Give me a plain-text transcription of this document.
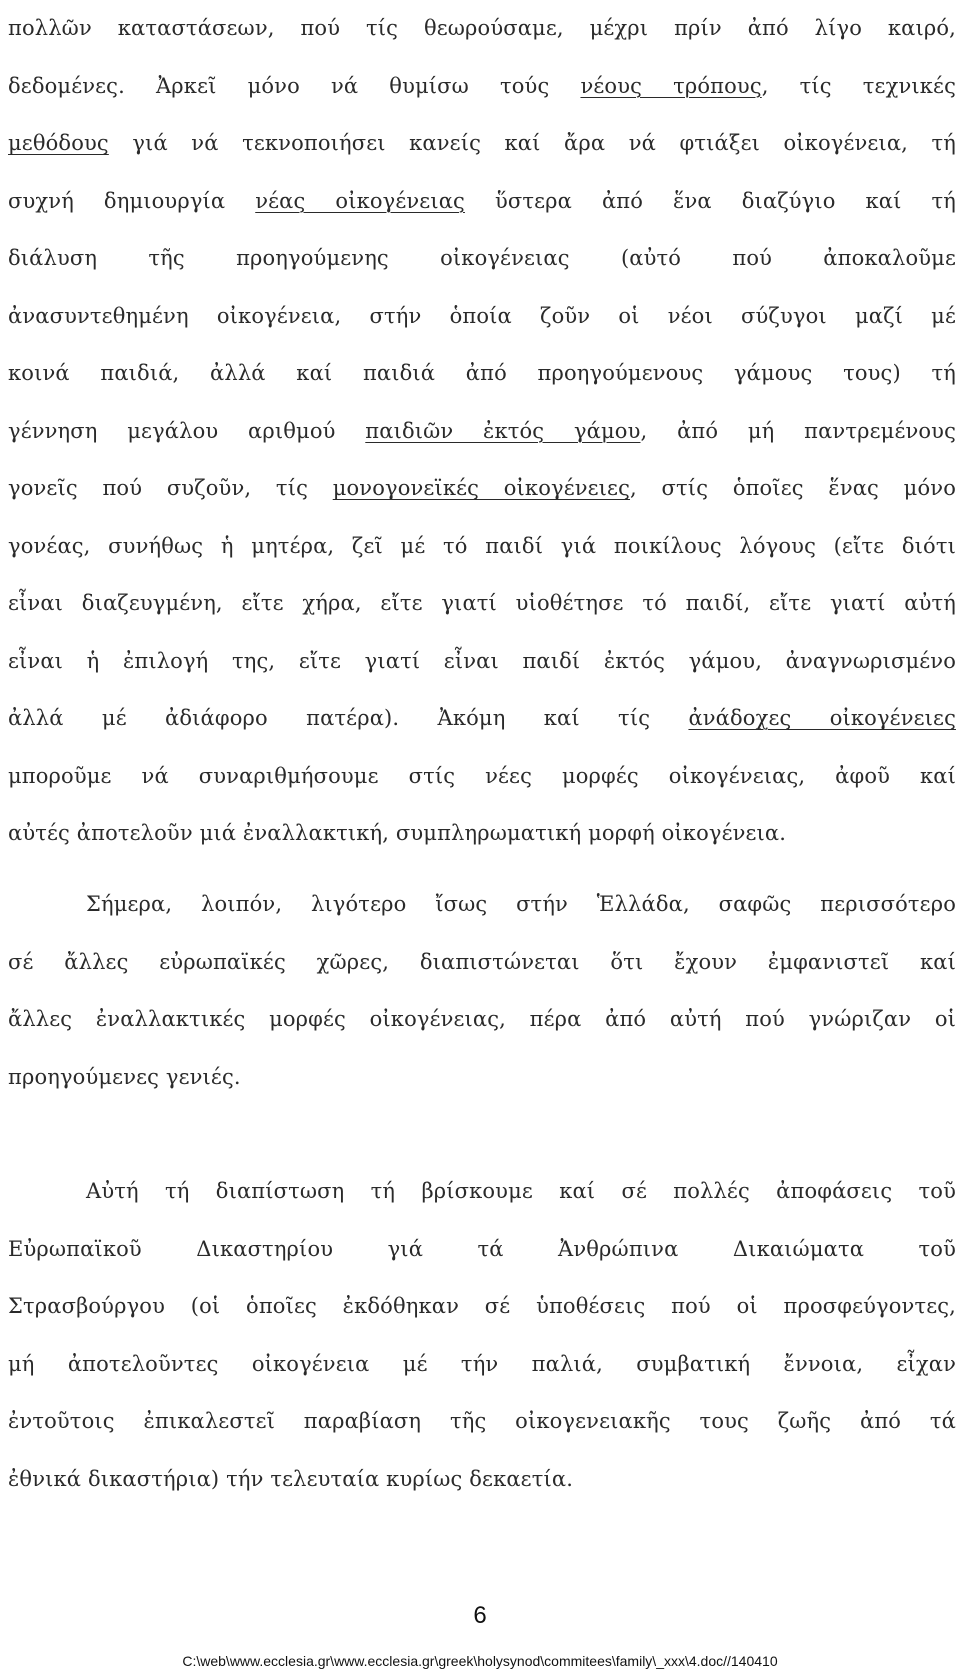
πολλῶν καταστάσεων, πού τίς θεωρούσαμε, μέχρι πρίν ἀπό λίγο καιρό,
δεδομένες. Ἀρκεῖ μόνο νά θυμίσω τούς νέους τρόπους, τίς τεχνικές
μεθόδους γιά νά τεκνοποιήσει κανείς καί ἄρα νά φτιάξει οἰκογένεια, τή
συχνή δημιουργία νέας οἰκογένειας ὕστερα ἀπό ἕνα διαζύγιο καί τή
διάλυση τῆς προηγούμενης οἰκογένειας (αὐτό πού ἀποκαλοῦμε
ἀνασυντεθημένη οἰκογένεια, στήν ὁποία ζοῦν οἱ νέοι σύζυγοι μαζί μέ
κοινά παιδιά, ἀλλά καί παιδιά ἀπό προηγούμενους γάμους τους) τή
γέννηση μεγάλου αριθμού παιδιῶν ἐκτός γάμου, ἀπό μή παντρεμένους
γονεῖς πού συζοῦν, τίς μονογονεϊκές οἰκογένειες, στίς ὁποῖες ἕνας μόνο
γονέας, συνήθως ἡ μητέρα, ζεῖ μέ τό παιδί γιά ποικίλους λόγους (εἴτε διότι
εἶναι διαζευγμένη, εἴτε χήρα, εἴτε γιατί υἱοθέτησε τό παιδί, εἴτε γιατί αὐτή
εἶναι ἡ ἐπιλογή της, εἴτε γιατί εἶναι παιδί ἐκτός γάμου, ἀναγνωρισμένο
ἀλλά μέ ἀδιάφορο πατέρα). Ἀκόμη καί τίς ἀνάδοχες οἰκογένειες
μποροῦμε νά συναριθμήσουμε στίς νέες μορφές οἰκογένειας, ἀφοῦ καί
αὐτές ἀποτελοῦν μιά ἐναλλακτική, συμπληρωματική μορφή οἰκογένεια.
Σήμερα, λοιπόν, λιγότερο ἴσως στήν Ἑλλάδα, σαφῶς περισσότερο
σέ ἄλλες εὐρωπαϊκές χῶρες, διαπιστώνεται ὅτι ἔχουν ἐμφανιστεῖ καί
ἄλλες ἐναλλακτικές μορφές οἰκογένειας, πέρα ἀπό αὐτή πού γνώριζαν οἱ
προηγούμενες γενιές.
Αὐτή τή διαπίστωση τή βρίσκουμε καί σέ πολλές ἀποφάσεις τοῦ
Εὐρωπαϊκοῦ Δικαστηρίου γιά τά Ἀνθρώπινα Δικαιώματα τοῦ
Στρασβούργου (οἱ ὁποῖες ἐκδόθηκαν σέ ὑποθέσεις πού οἱ προσφεύγοντες,
μή ἀποτελοῦντες οἰκογένεια μέ τήν παλιά, συμβατική ἔννοια, εἶχαν
ἐντοῦτοις ἐπικαλεστεῖ παραβίαση τῆς οἰκογενειακῆς τους ζωῆς ἀπό τά
ἐθνικά δικαστήρια) τήν τελευταία κυρίως δεκαετία.
6
C:\web\www.ecclesia.gr\www.ecclesia.gr\greek\holysynod\commitees\family\_xxx\4.doc//140410
